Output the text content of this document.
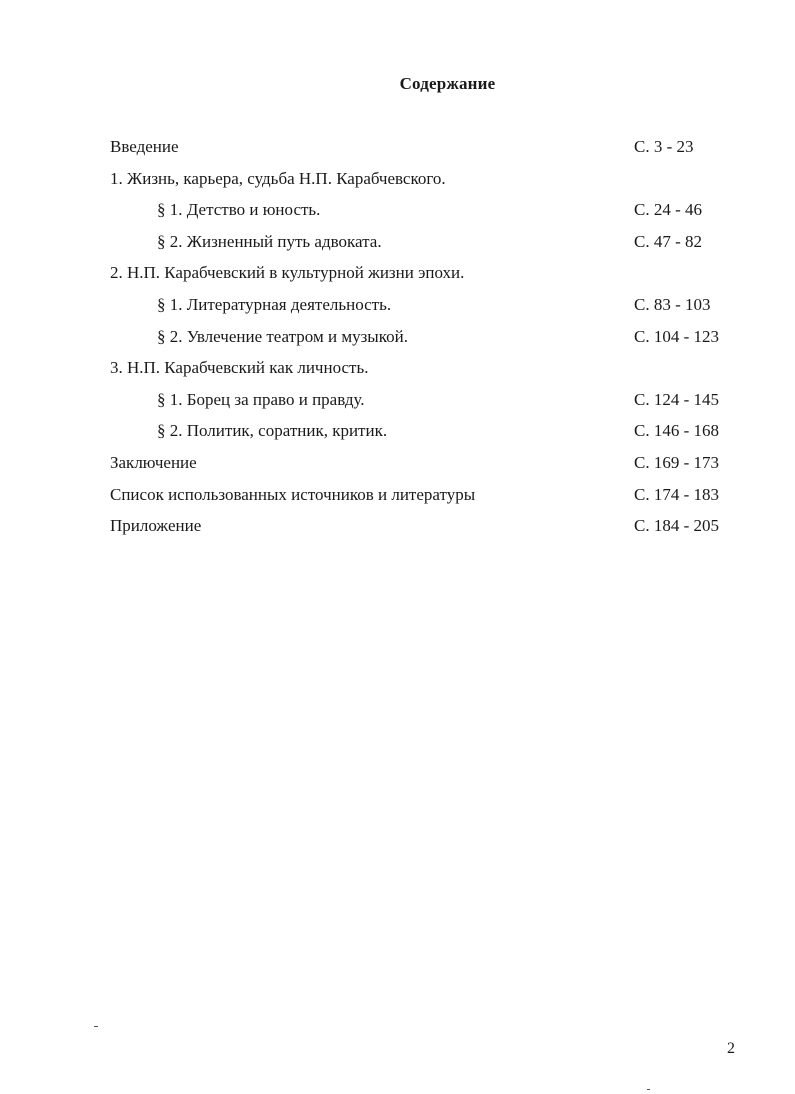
Содержание
Введение	С. 3 - 23
1. Жизнь, карьера, судьба Н.П. Карабчевского.
§ 1. Детство и юность.	С. 24 - 46
§ 2. Жизненный путь адвоката.	С. 47 - 82
2. Н.П. Карабчевский в культурной жизни эпохи.
§ 1. Литературная деятельность.	С. 83 - 103
§ 2. Увлечение театром и музыкой.	С. 104 - 123
3. Н.П. Карабчевский как личность.
§ 1. Борец за право и правду.	С. 124 - 145
§ 2. Политик, соратник, критик.	С. 146 - 168
Заключение	С. 169 - 173
Список использованных источников и литературы	С. 174 - 183
Приложение	С. 184 - 205
2
